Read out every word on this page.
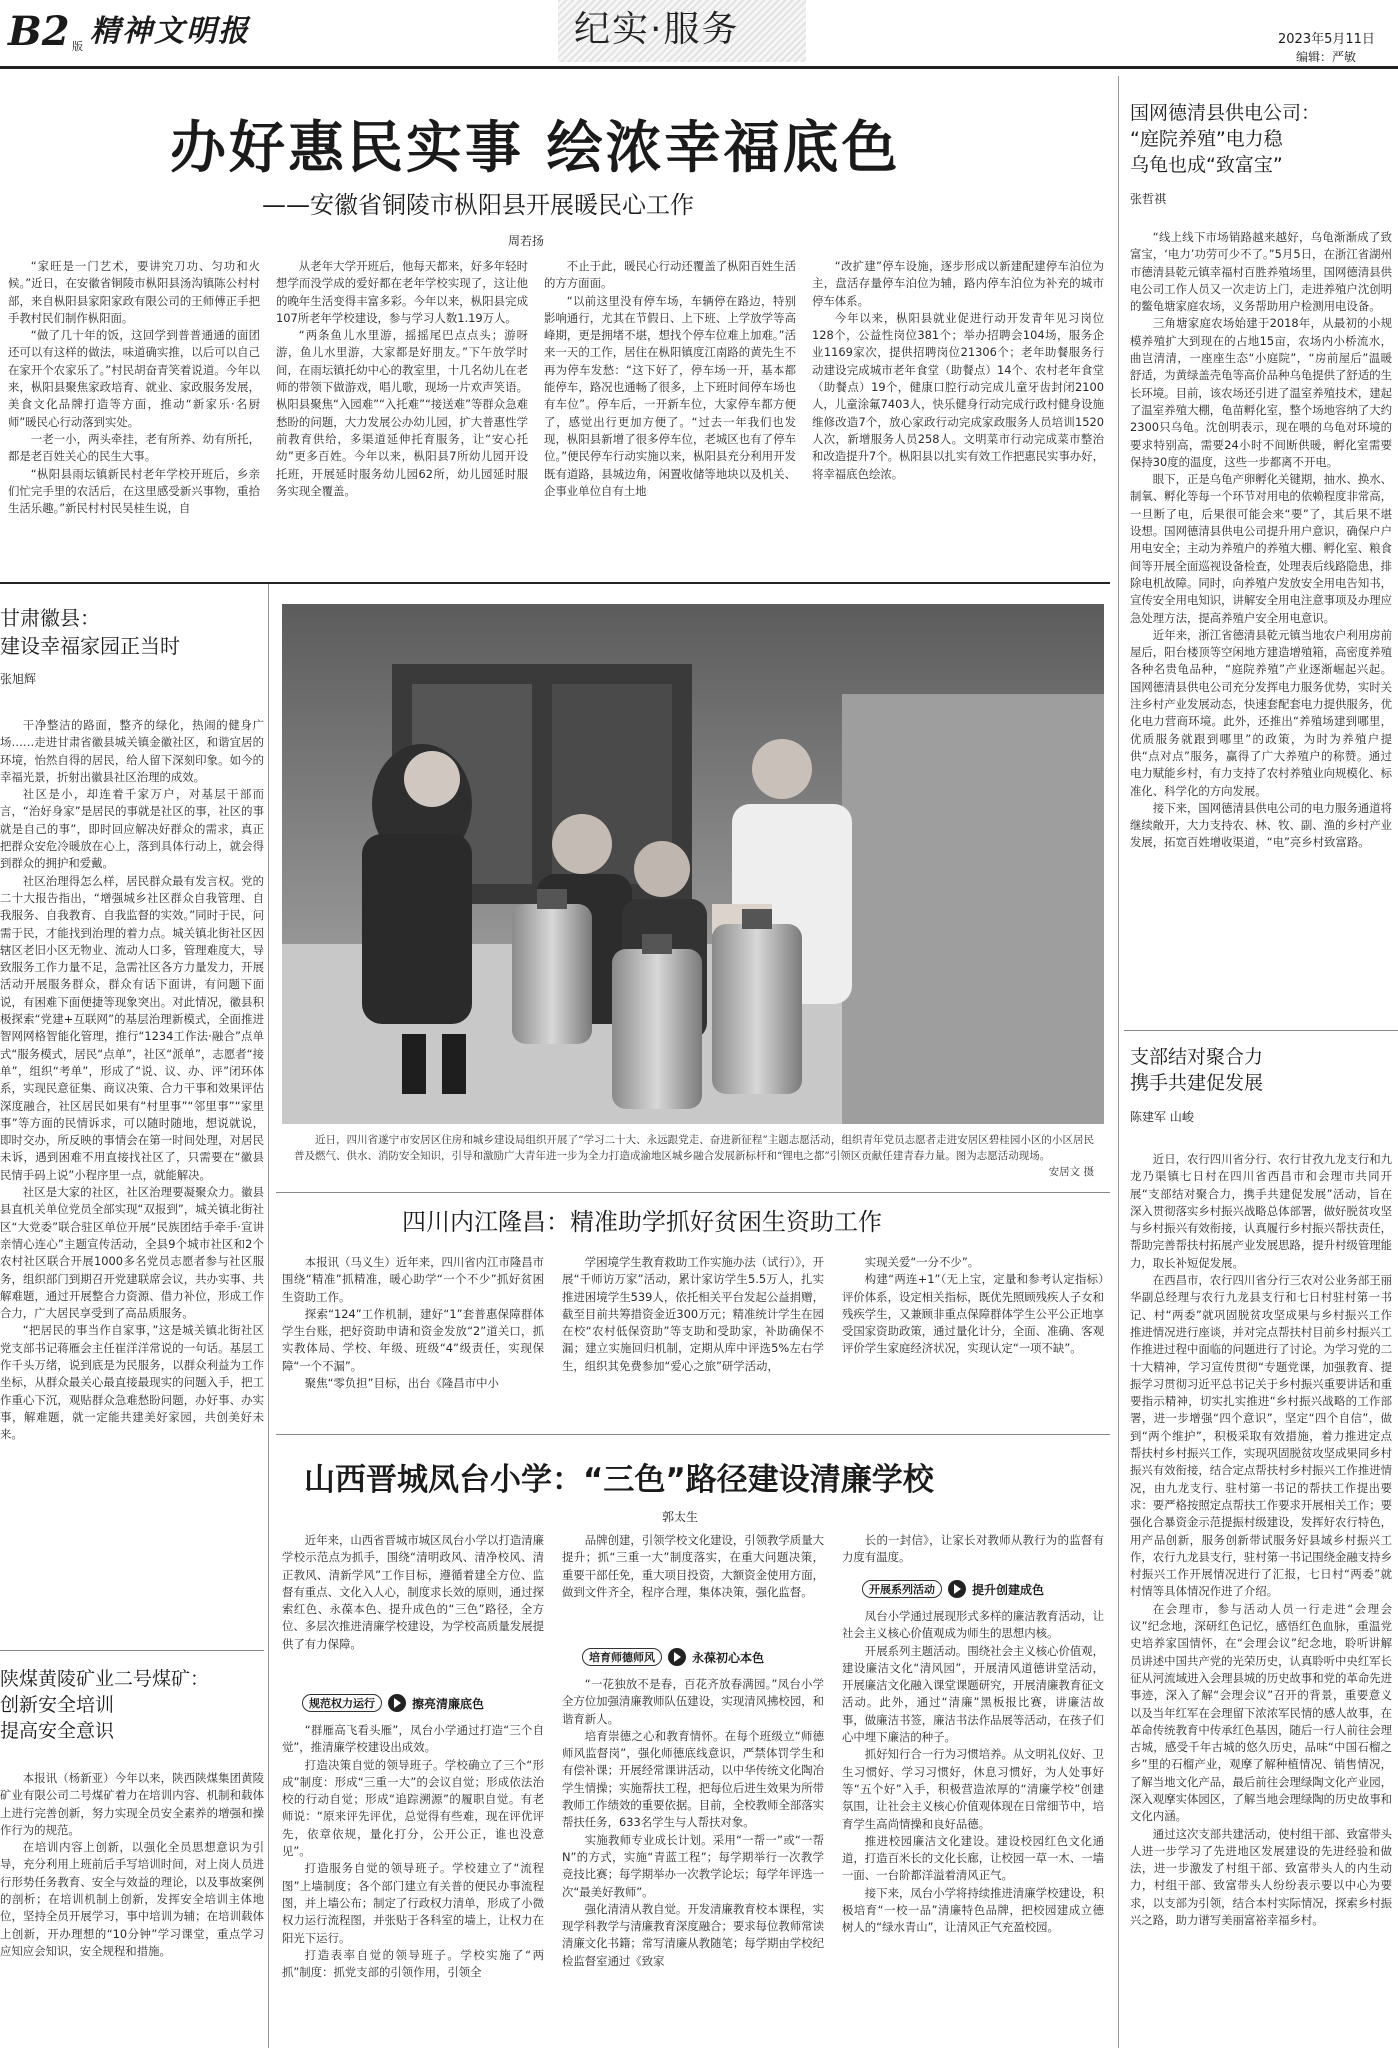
B2 版 精神文明报	纪实·服务	2023年5月11日
编辑：严敏
办好惠民实事 绘浓幸福底色
——安徽省铜陵市枞阳县开展暖民心工作
周若扬

“家旺是一门艺术，要讲究刀功、匀功和火候。”近日，在安徽省铜陵市枞阳县汤沟镇陈公村村部，来自枞阳县家阳家政有限公司的王师傅正手把手教村民们制作枞阳面。

“做了几十年的饭，这回学到普普通通的面团还可以有这样的做法，味道确实推，以后可以自己在家开个农家乐了。”村民胡奋青笑着说道。今年以来，枞阳县聚焦家政培育、就业、家政服务发展，美食文化品牌打造等方面，推动“新家乐·名厨师”暖民心行动落到实处。

一老一小，两头牵挂，老有所养、幼有所托，都是老百姓关心的民生大事。

“枞阳县雨坛镇新民村老年学校开班后，乡亲们忙完手里的农活后，在这里感受新兴事物，重拾生活乐趣。”新民村村民吴桂生说，自

从老年大学开班后，他每天都来，好多年轻时想学而没学成的爱好都在老年学校实现了，这让他的晚年生活变得丰富多彩。今年以来，枞阳县完成107所老年学校建设，参与学习人数1.19万人。

“两条鱼儿水里游，摇摇尾巴点点头；游呀游，鱼儿水里游，大家都是好朋友。”下午放学时间，在雨坛镇托幼中心的教室里，十几名幼儿在老师的带领下做游戏，唱儿歌，现场一片欢声笑语。枞阳县聚焦“入园难”“入托难”“接送难”等群众急难愁盼的问题，大力发展公办幼儿园，扩大普惠性学前教育供给，多渠道延伸托育服务，让“安心托幼”更多百姓。今年以来，枞阳县7所幼儿园开设托班，开展延时服务幼儿园62所，幼儿园延时服务实现全覆盖。

不止于此，暖民心行动还覆盖了枞阳百姓生活的方方面面。

“以前这里没有停车场，车辆停在路边，特别影响通行，尤其在节假日、上下班、上学放学等高峰期，更是拥堵不堪，想找个停车位难上加难。”活来一天的工作，居住在枞阳镇度江南路的黄先生不再为停车发愁：“这下好了，停车场一开，基本都能停车，路况也通畅了很多，上下班时间停车场也有车位”。停车后，一开新车位，大家停车都方便了，感觉出行更加方便了。“过去一年我们也发现，枞阳县新增了很多停车位，老城区也有了停车位。”便民停车行动实施以来，枞阳县充分利用开发既有道路，县城边角，闲置收储等地块以及机关、企事业单位自有土地

“改扩建”停车设施，逐步形成以新建配建停车泊位为主，盘活存量停车泊位为辅，路内停车泊位为补充的城市停车体系。

今年以来，枞阳县就业促进行动开发青年见习岗位128个，公益性岗位381个；举办招聘会104场，服务企业1169家次，提供招聘岗位21306个；老年助餐服务行动建设完成城市老年食堂（助餐点）14个、农村老年食堂（助餐点）19个，健康口腔行动完成儿童牙齿封闭2100人，儿童涂氟7403人，快乐健身行动完成行政村健身设施维修改造7个，放心家政行动完成家政服务人员培训1520人次，新增服务人员258人。文明菜市行动完成菜市整治和改造提升7个。枞阳县以扎实有效工作把惠民实事办好，将幸福底色绘浓。

国网德清县供电公司：
“庭院养殖”电力稳
乌龟也成“致富宝”
张哲祺

“线上线下市场销路越来越好，乌龟渐渐成了致富宝，‘电力’功劳可少不了。”5月5日，在浙江省湖州市德清县乾元镇幸福村百胜养殖场里，国网德清县供电公司工作人员又一次走访上门，走进养殖户沈创明的鳖龟塘家庭农场，义务帮助用户检测用电设备。

三角塘家庭农场始建于2018年，从最初的小规模养殖扩大到现在的占地15亩，农场内小桥流水，曲岂清清，一座座生态“小庭院”，“房前屋后”温暖舒适，为黄绿盖壳龟等高价品种乌龟提供了舒适的生长环境。目前，该农场还引进了温室养殖技术，建起了温室养殖大棚，龟苗孵化室，整个场地容纳了大约2300只乌龟。沈创明表示，现在喂的乌龟对环境的要求特别高，需要24小时不间断供暖，孵化室需要保持30度的温度，这些一步都离不开电。

眼下，正是乌龟产卵孵化关键期，抽水、换水、制氧、孵化等每一个环节对用电的依赖程度非常高，一旦断了电，后果很可能会来“要”了，其后果不堪设想。国网德清县供电公司提升用户意识，确保户户用电安全；主动为养殖户的养殖大棚、孵化室、粮食间等开展全面巡视设备检查，处理表后线路隐患，排除电机故障。同时，向养殖户发放安全用电告知书，宣传安全用电知识，讲解安全用电注意事项及办理应急处理方法，提高养殖户安全用电意识。

近年来，浙江省德清县乾元镇当地农户利用房前屋后，阳台楼顶等空闲地方建造增殖箱，高密度养殖各种名贵龟品种，“庭院养殖”产业逐渐崛起兴起。国网德清县供电公司充分发挥电力服务优势，实时关注乡村产业发展动态，快速套配套电力提供服务，优化电力营商环境。此外，还推出“养殖场建到哪里，优质服务就跟到哪里”的政策，为时为养殖户提供“点对点”服务，赢得了广大养殖户的称赞。通过电力赋能乡村，有力支持了农村养殖业向规模化、标准化、科学化的方向发展。

接下来，国网德清县供电公司的电力服务通道将继续敞开，大力支持农、林、牧、副、渔的乡村产业发展，拓宽百姓增收渠道，“电”亮乡村致富路。

甘肃徽县：
建设幸福家园正当时
张旭辉

干净整洁的路面，整齐的绿化，热闹的健身广场……走进甘肃省徽县城关镇金徽社区，和谐宜居的环境，怡然自得的居民，给人留下深刻印象。如今的幸福光景，折射出徽县社区治理的成效。

社区是小，却连着千家万户，对基层干部而言，“治好身家”是居民的事就是社区的事，社区的事就是自己的事”，即时回应解决好群众的需求，真正把群众安危冷暖放在心上，落到具体行动上，就会得到群众的拥护和爱戴。

社区治理得怎么样，居民群众最有发言权。党的二十大报告指出，“增强城乡社区群众自我管理、自我服务、自我教育、自我监督的实效。”同时于民，问需于民，才能找到治理的着力点。城关镇北街社区因辖区老旧小区无物业、流动人口多，管理难度大，导致服务工作力量不足，急需社区各方力量发力，开展活动开展服务群众，群众有话下面讲，有问题下面说，有困难下面便捷等现象突出。对此情况，徽县积极探索“党建+互联网”的基层治理新模式，全面推进智网网格智能化管理，推行“1234工作法·融合”点单式“服务模式，居民“点单”，社区“派单”，志愿者“接单”，组织“考单”，形成了“说、议、办、评”闭环体系，实现民意征集、商议决策、合力干事和效果评估深度融合，社区居民如果有“村里事”“邻里事”“家里事”等方面的民情诉求，可以随时随地，想说就说，即时交办，所反映的事情会在第一时间处理，对居民未诉，遇到困难不用直接找社区了，只需要在“徽县民情手码上说”小程序里一点，就能解决。

社区是大家的社区，社区治理要凝聚众力。徽县县直机关单位党员全部实现“双报到”，城关镇北街社区“大党委”联合驻区单位开展“民族团结手牵手·宣讲亲情心连心”主题宣传活动，全县9个城市社区和2个农村社区联合开展1000多名党员志愿者参与社区服务，组织部门到期召开党建联席会议，共办实事、共解难题，通过开展整合力资源、借力补位，形成工作合力，广大居民享受到了高品质服务。

“把居民的事当作自家事，”这是城关镇北街社区党支部书记蒋雁会主任崔洋洋常说的一句话。基层工作千头万绪，说到底是为民服务，以群众利益为工作坐标，从群众最关心最直接最现实的问题入手，把工作重心下沉，观贴群众急难愁盼问题，办好事、办实事，解难题，就一定能共建美好家园，共创美好未来。

陕煤黄陵矿业二号煤矿：
创新安全培训
提高安全意识

本报讯（杨新亚）今年以来，陕西陕煤集团黄陵矿业有限公司二号煤矿着力在培训内容、机制和载体上进行完善创新，努力实现全员安全素养的增强和操作行为的规范。

在培训内容上创新，以强化全员思想意识为引导，充分利用上班前后手写培训时间，对上岗人员进行形势任务教育、安全与效益的理论，以及事故案例的剖析；在培训机制上创新，发挥安全培训主体地位，坚持全员开展学习，事中培训为辅；在培训载体上创新，开办理想的“10分钟”学习课堂，重点学习应知应会知识，安全规程和措施。

近日，四川省遂宁市安居区住房和城乡建设局组织开展了“学习二十大、永远跟党走、奋进新征程”主题志愿活动，组织青年党员志愿者走进安居区碧桂园小区的小区居民普及燃气、供水、消防安全知识，引导和激励广大青年进一步为全力打造成渝地区城乡融合发展新标杆和“锂电之都”引领区贡献任建青春力量。图为志愿活动现场。
安居文 摄
四川内江隆昌：精准助学抓好贫困生资助工作

本报讯（马义生）近年来，四川省内江市隆昌市围绕“精准”抓精准，暖心助学“一个不少”抓好贫困生资助工作。

探索“124”工作机制，建好“1”套普惠保障群体学生台账，把好资助申请和资金发放“2”道关口，抓实教体局、学校、年级、班级“4”级责任，实现保障“一个不漏”。

聚焦“零负担”目标，出台《隆昌市中小

学困境学生教育救助工作实施办法（试行）》，开展“千师访万家”活动，累计家访学生5.5万人，扎实推进困境学生539人，依托相关平台发起公益捐赠，截至目前共筹措资金近300万元；精准统计学生在园在校“农村低保资助”等支助和受助家，补助确保不漏；建立实施回归机制，定期从库中评选5%左右学生，组织其免费参加“爱心之旅”研学活动，

实现关爱“一分不少”。

构建“两连+1”（无上宝，定量和参考认定指标）评价体系，设定相关指标，既优先照顾残疾人子女和残疾学生，又兼顾非重点保障群体学生公平公正地享受国家资助政策，通过量化计分，全面、准确、客观评价学生家庭经济状况，实现认定“一项不缺”。

山西晋城凤台小学：“三色”路径建设清廉学校
郭太生

近年来，山西省晋城市城区凤台小学以打造清廉学校示范点为抓手，围绕“清明政风、清净校风、清正教风、清新学风”工作目标，遵循着建全方位、监督有重点、文化入人心，制度求长效的原则，通过探索红色、永葆本色、提升成色的“三色”路径，全方位、多层次推进清廉学校建设，为学校高质量发展提供了有力保障。

规范权力运行	擦亮清廉底色

“群雁高飞看头雁”，凤台小学通过打造“三个自觉”，推清廉学校建设出成效。

打造决策自觉的领导班子。学校确立了三个“形成”制度：形成“三重一大”的会议自觉；形成依法治校的行动自觉；形成“追踪溯源”的履职自觉。有老师说：“原来评先评优，总觉得有些难，现在评优评先，依章依规，量化打分，公开公正，谁也没意见”。

打造服务自觉的领导班子。学校建立了“流程图”上墙制度；各个部门建立有关普的便民办事流程图，并上墙公布；制定了行政权力清单，形成了小微权力运行流程图，并张贴于各科室的墙上，让权力在阳光下运行。

打造表率自觉的领导班子。学校实施了“两抓”制度：抓党支部的引领作用，引领全

品牌创建，引领学校文化建设，引领教学质量大提升；抓“三重一大”制度落实，在重大问题决策，重要干部任免，重大项目投资，大额资金使用方面，做到文件齐全，程序合理，集体决策，强化监督。

培育师德师风	永葆初心本色

“一花独放不是春，百花齐放春满园。”凤台小学全方位加强清廉教师队伍建设，实现清风拂校园，和谐育新人。

培育崇德之心和教育情怀。在每个班级立“师德师风监督岗”，强化师德底线意识，严禁体罚学生和有偿补课；开展经常课讲活动，以中华传统文化陶冶学生情操；实施帮扶工程，把每位后进生效果为所带教师工作绩效的重要依据。目前，全校教师全部落实帮扶任务，633名学生与人帮扶对象。

实施教师专业成长计划。采用“一帮一”或“一帮N”的方式，实施“青蓝工程”；每学期举行一次教学竞技比赛；每学期举办一次教学论坛；每学年评选一次“最美好教师”。

强化清清从教自觉。开发清廉教育校本课程，实现学科教学与清廉教育深度融合；要求每位教师常读清廉文化书籍；常写清廉从教随笔；每学期由学校纪检监督室通过《致家

长的一封信》，让家长对教师从教行为的监督有力度有温度。

开展系列活动	提升创建成色

凤台小学通过展现形式多样的廉洁教育活动，让社会主义核心价值观成为师生的思想内核。

开展系列主题活动。围绕社会主义核心价值观，建设廉洁文化“清风园”，开展清风道德讲堂活动，开展廉洁文化融入课堂课题研究，开展清廉教育征文活动。此外，通过“清廉”黑板报比赛，讲廉洁故事，做廉洁书签，廉洁书法作品展等活动，在孩子们心中埋下廉洁的种子。

抓好知行合一行为习惯培养。从文明礼仪好、卫生习惯好、学习习惯好，休息习惯好，为人处事好等“五个好”入手，积极营造浓厚的“清廉学校”创建氛围，让社会主义核心价值观体现在日常细节中，培育学生高尚情操和良好品德。

推进校园廉洁文化建设。建设校园红色文化通道，打造百米长的文化长廊，让校园一草一木、一墙一面、一台阶都洋溢着清风正气。

接下来，凤台小学将持续推进清廉学校建设，积极培育“一校一品”清廉特色品牌，把校园建成立德树人的“绿水青山”，让清风正气充盈校园。

支部结对聚合力
携手共建促发展
陈建军 山峻

近日，农行四川省分行、农行甘孜九龙支行和九龙乃渠镇七日村在四川省西昌市和会理市共同开展“支部结对聚合力，携手共建促发展”活动，旨在深入贯彻落实乡村振兴战略总体部署，做好脱贫攻坚与乡村振兴有效衔接，认真履行乡村振兴帮扶责任，帮助完善帮扶村拓展产业发展思路，提升村级管理能力，取长补短促发展。

在西昌市，农行四川省分行三农对公业务部王丽华副总经理与农行九龙县支行和七日村驻村第一书记、村“两委”就巩固脱贫攻坚成果与乡村振兴工作推进情况进行座谈，并对完点帮扶村目前乡村振兴工作推进过程中面临的问题进行了讨论。为学习党的二十大精神，学习宣传贯彻“专题党课，加强教育、提振学习贯彻习近平总书记关于乡村振兴重要讲话和重要指示精神，切实扎实推进“乡村振兴战略的工作部署，进一步增强“四个意识”，坚定“四个自信”，做到“两个维护”，积极采取有效措施，着力推进定点帮扶村乡村振兴工作，实现巩固脱贫攻坚成果同乡村振兴有效衔接，结合定点帮扶村乡村振兴工作推进情况，由九龙支行、驻村第一书记的帮扶工作提出要求：要严格按照定点帮扶工作要求开展相关工作；要强化合暴资金示范提振村级建设，发挥好农行特色，用产品创新，服务创新带试服务好县域乡村振兴工作，农行九龙县支行，驻村第一书记围绕金融支持乡村振兴工作开展情况进行了汇报，七日村“两委”就村情等具体情况作进了介绍。

在会理市，参与活动人员一行走进“会理会议”纪念地，深研红色记忆，感悟红色血脉，重温党史培养家国情怀，在“会理会议”纪念地，聆听讲解员讲述中国共产党的光荣历史，认真聆听中央红军长征从河流域进入会理县城的历史故事和党的革命先进事迹，深入了解“会理会议”召开的背景，重要意义以及当年红军在会理留下浓浓军民情的感人故事，在革命传统教育中传承红色基因，随后一行人前往会理古城，感受千年古城的悠久历史，品味“中国石榴之乡”里的石榴产业，观摩了解种植情况、销售情况，了解当地文化产品，最后前往会理绿陶文化产业园，深入观摩实体园区，了解当地会理绿陶的历史故事和文化内涵。

通过这次支部共建活动，使村组干部、致富带头人进一步学习了先进地区发展建设的先进经验和做法，进一步激发了村组干部、致富带头人的内生动力，村组干部、致富带头人纷纷表示要以中心为要求，以支部为引领，结合本村实际情况，探索乡村振兴之路，助力谱写美丽富裕幸福乡村。
